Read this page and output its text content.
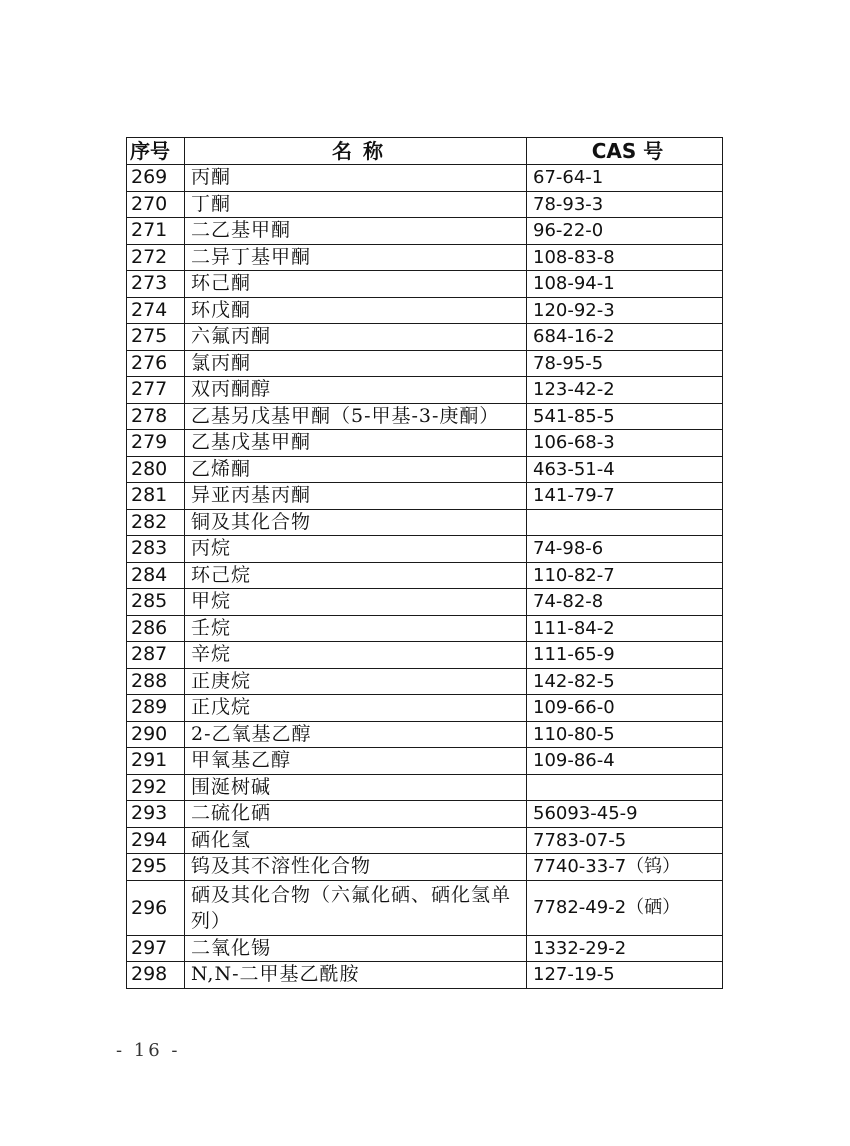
序号	名 称	CAS 号
269	丙酮	67-64-1
270	丁酮	78-93-3
271	二乙基甲酮	96-22-0
272	二异丁基甲酮	108-83-8
273	环己酮	108-94-1
274	环戊酮	120-92-3
275	六氟丙酮	684-16-2
276	氯丙酮	78-95-5
277	双丙酮醇	123-42-2
278	乙基另戊基甲酮（5-甲基-3-庚酮）	541-85-5
279	乙基戊基甲酮	106-68-3
280	乙烯酮	463-51-4
281	异亚丙基丙酮	141-79-7
282	铜及其化合物	
283	丙烷	74-98-6
284	环己烷	110-82-7
285	甲烷	74-82-8
286	壬烷	111-84-2
287	辛烷	111-65-9
288	正庚烷	142-82-5
289	正戊烷	109-66-0
290	2-乙氧基乙醇	110-80-5
291	甲氧基乙醇	109-86-4
292	围涎树碱	
293	二硫化硒	56093-45-9
294	硒化氢	7783-07-5
295	钨及其不溶性化合物	7740-33-7（钨）
296	硒及其化合物（六氟化硒、硒化氢单列）	7782-49-2（硒）
297	二氧化锡	1332-29-2
298	N,N-二甲基乙酰胺	127-19-5
- 16 -
